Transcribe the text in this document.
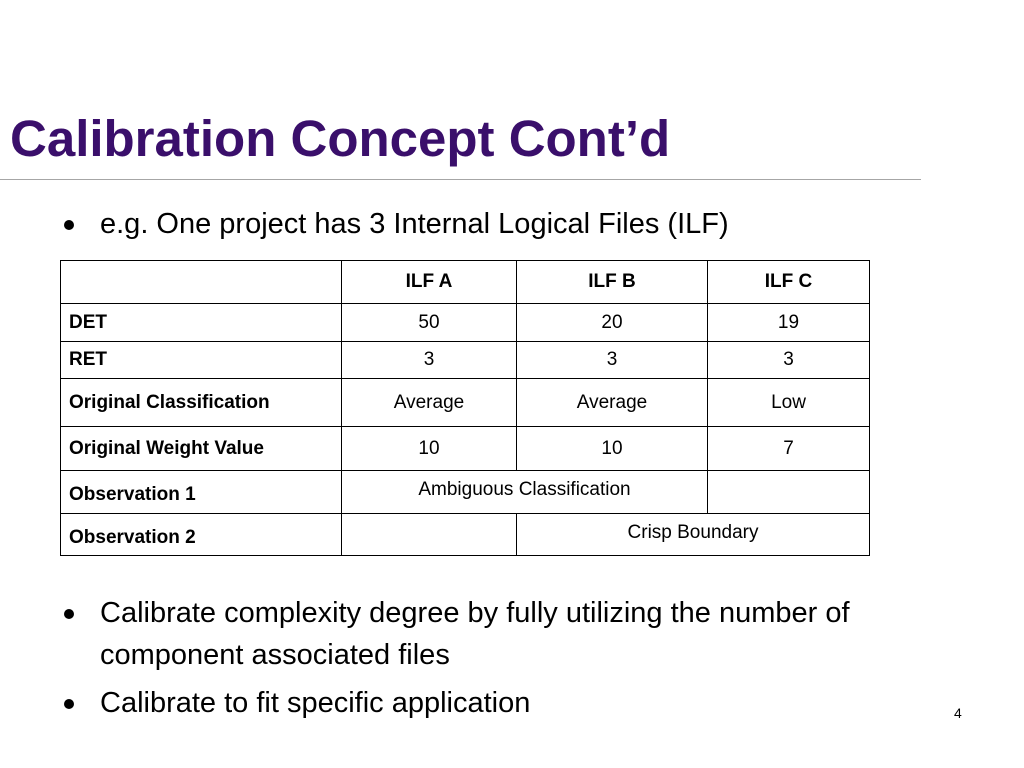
Calibration Concept Cont’d
e.g. One project has 3 Internal Logical Files (ILF)
	ILF A	ILF B	ILF C
DET	50	20	19
RET	3	3	3
Original Classification	Average	Average	Low
Original Weight Value	10	10	7
Observation 1	Ambiguous Classification		
Observation 2		Crisp Boundary	
Calibrate complexity degree by fully utilizing the number of component associated files
Calibrate to fit specific application	4
